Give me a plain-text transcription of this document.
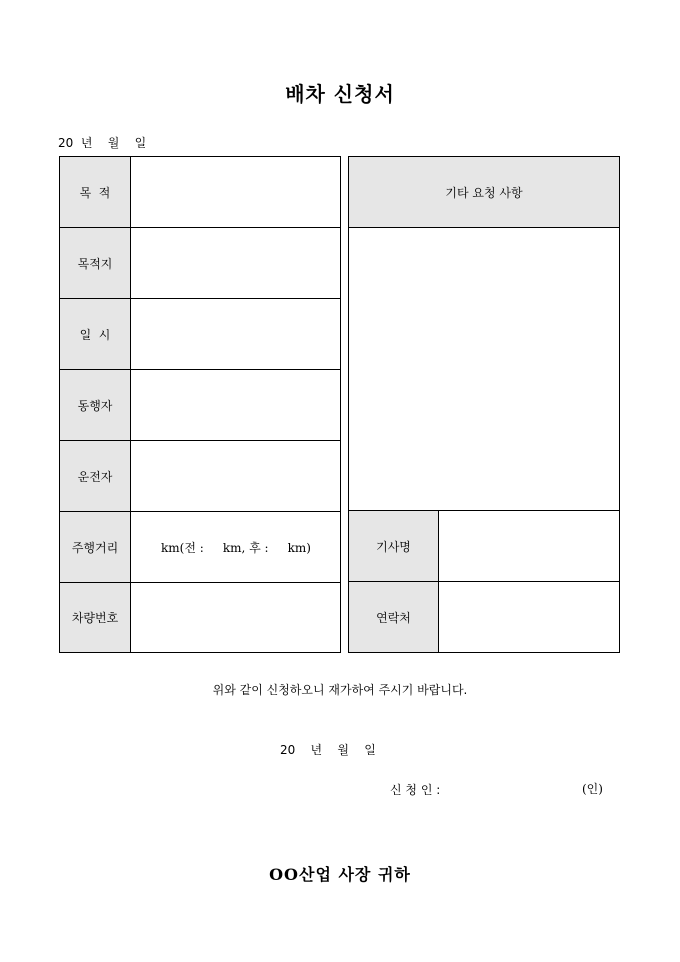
배차 신청서
20  년    월    일
목  적
목적지
일  시
동행자
운전자
주행거리	km(전 :     km, 후 :     km)
차량번호
기타 요청 사항
기사명
연락처
위와 같이 신청하오니 재가하여 주시기 바랍니다.
20    년    월    일
신 청 인 :	(인)
OO산업 사장 귀하
